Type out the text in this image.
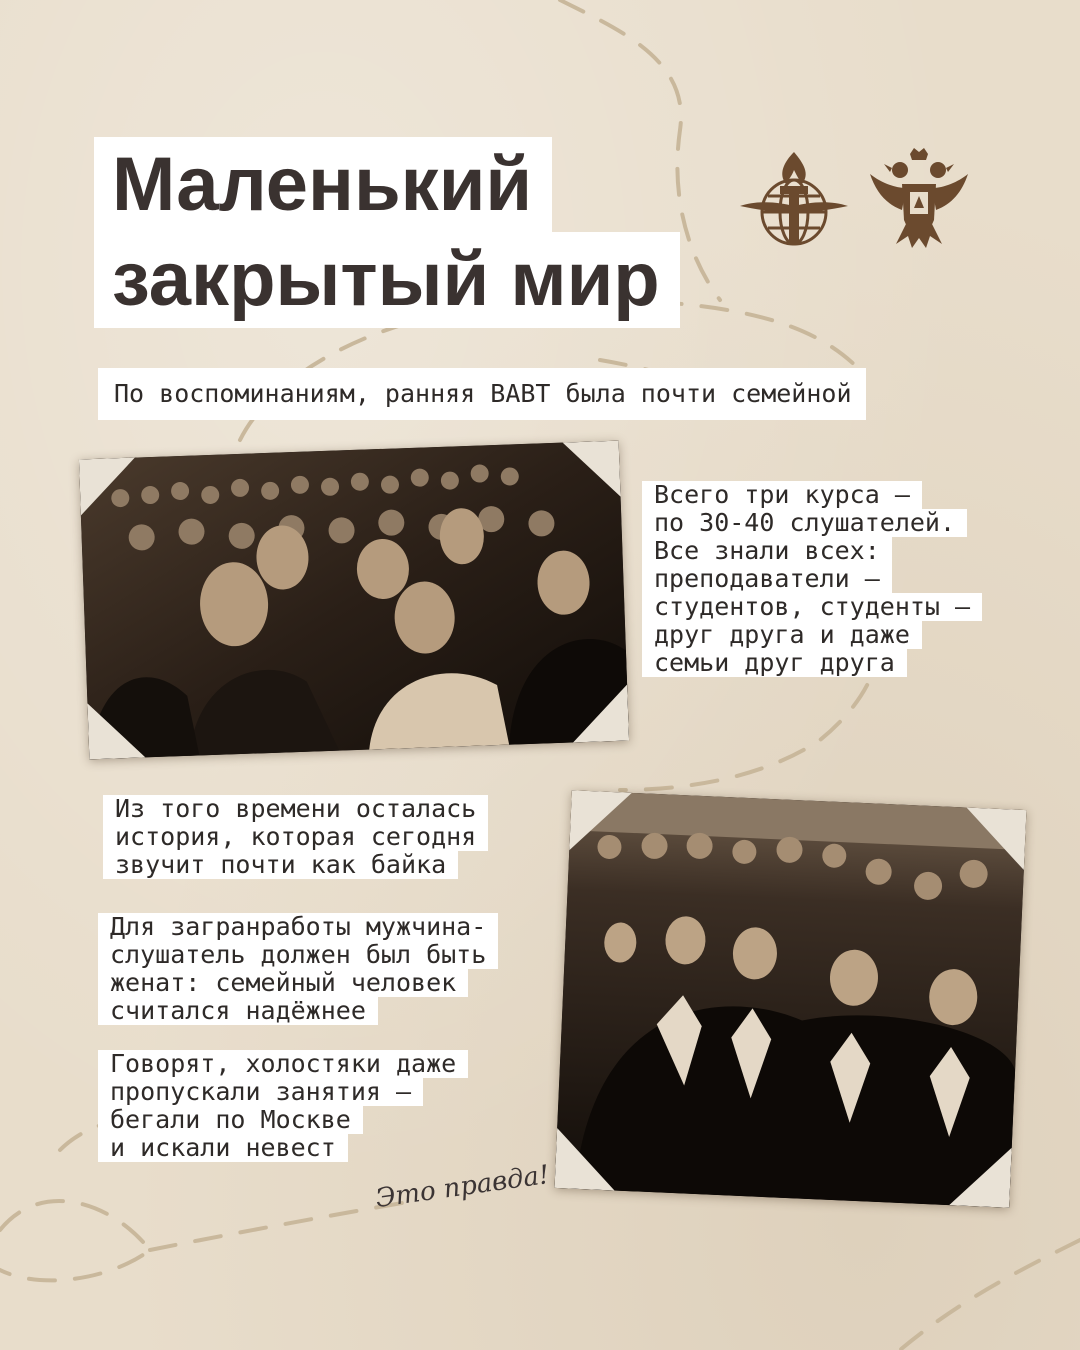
Маленький
закрытый мир
По воспоминаниям, ранняя ВАВТ была почти семейной
Всего три курса —
по 30-40 слушателей.
Все знали всех:
преподаватели —
студентов, студенты —
друг друга и даже
семьи друг друга
Из того времени осталась
история, которая сегодня
звучит почти как байка
Для загранработы мужчина-
слушатель должен был быть
женат: семейный человек
считался надёжнее
Говорят, холостяки даже
пропускали занятия —
бегали по Москве
и искали невест
Это правда!
